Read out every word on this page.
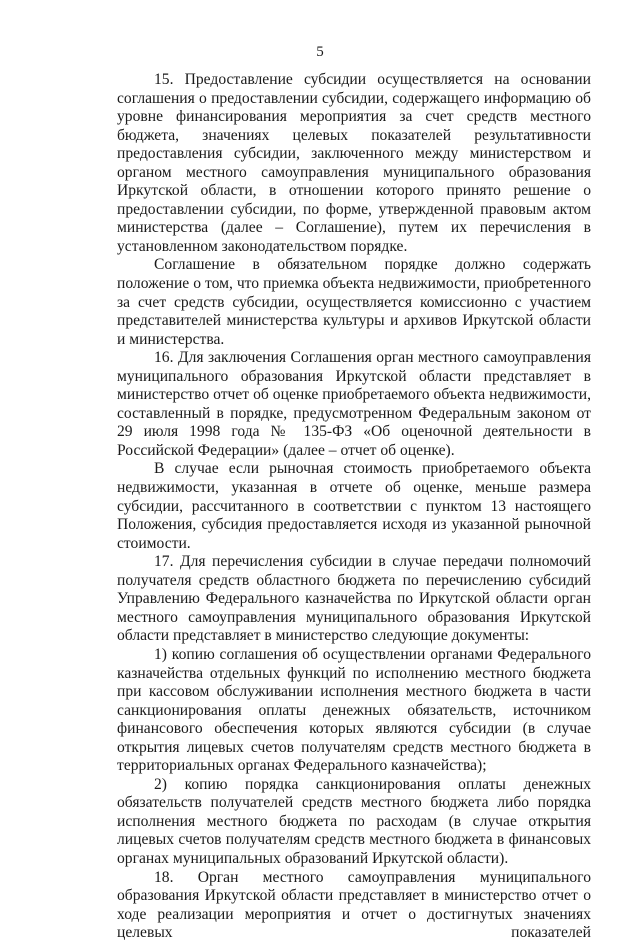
5

15. Предоставление субсидии осуществляется на основании соглашения о предоставлении субсидии, содержащего информацию об уровне финансирования мероприятия за счет средств местного бюджета, значениях целевых показателей результативности предоставления субсидии, заключенного между министерством и органом местного самоуправления муниципального образования Иркутской области, в отношении которого принято решение о предоставлении субсидии, по форме, утвержденной правовым актом министерства (далее – Соглашение), путем их перечисления в установленном законодательством порядке.

Соглашение в обязательном порядке должно содержать положение о том, что приемка объекта недвижимости, приобретенного за счет средств субсидии, осуществляется комиссионно с участием представителей министерства культуры и архивов Иркутской области и министерства.

16. Для заключения Соглашения орган местного самоуправления муниципального образования Иркутской области представляет в министерство отчет об оценке приобретаемого объекта недвижимости, составленный в порядке, предусмотренном Федеральным законом от 29 июля 1998 года № 135-ФЗ «Об оценочной деятельности в Российской Федерации» (далее – отчет об оценке).

В случае если рыночная стоимость приобретаемого объекта недвижимости, указанная в отчете об оценке, меньше размера субсидии, рассчитанного в соответствии с пунктом 13 настоящего Положения, субсидия предоставляется исходя из указанной рыночной стоимости.

17. Для перечисления субсидии в случае передачи полномочий получателя средств областного бюджета по перечислению субсидий Управлению Федерального казначейства по Иркутской области орган местного самоуправления муниципального образования Иркутской области представляет в министерство следующие документы:

1) копию соглашения об осуществлении органами Федерального казначейства отдельных функций по исполнению местного бюджета при кассовом обслуживании исполнения местного бюджета в части санкционирования оплаты денежных обязательств, источником финансового обеспечения которых являются субсидии (в случае открытия лицевых счетов получателям средств местного бюджета в территориальных органах Федерального казначейства);

2) копию порядка санкционирования оплаты денежных обязательств получателей средств местного бюджета либо порядка исполнения местного бюджета по расходам (в случае открытия лицевых счетов получателям средств местного бюджета в финансовых органах муниципальных образований Иркутской области).

18. Орган местного самоуправления муниципального образования Иркутской области представляет в министерство отчет о ходе реализации мероприятия и отчет о достигнутых значениях целевых показателей
